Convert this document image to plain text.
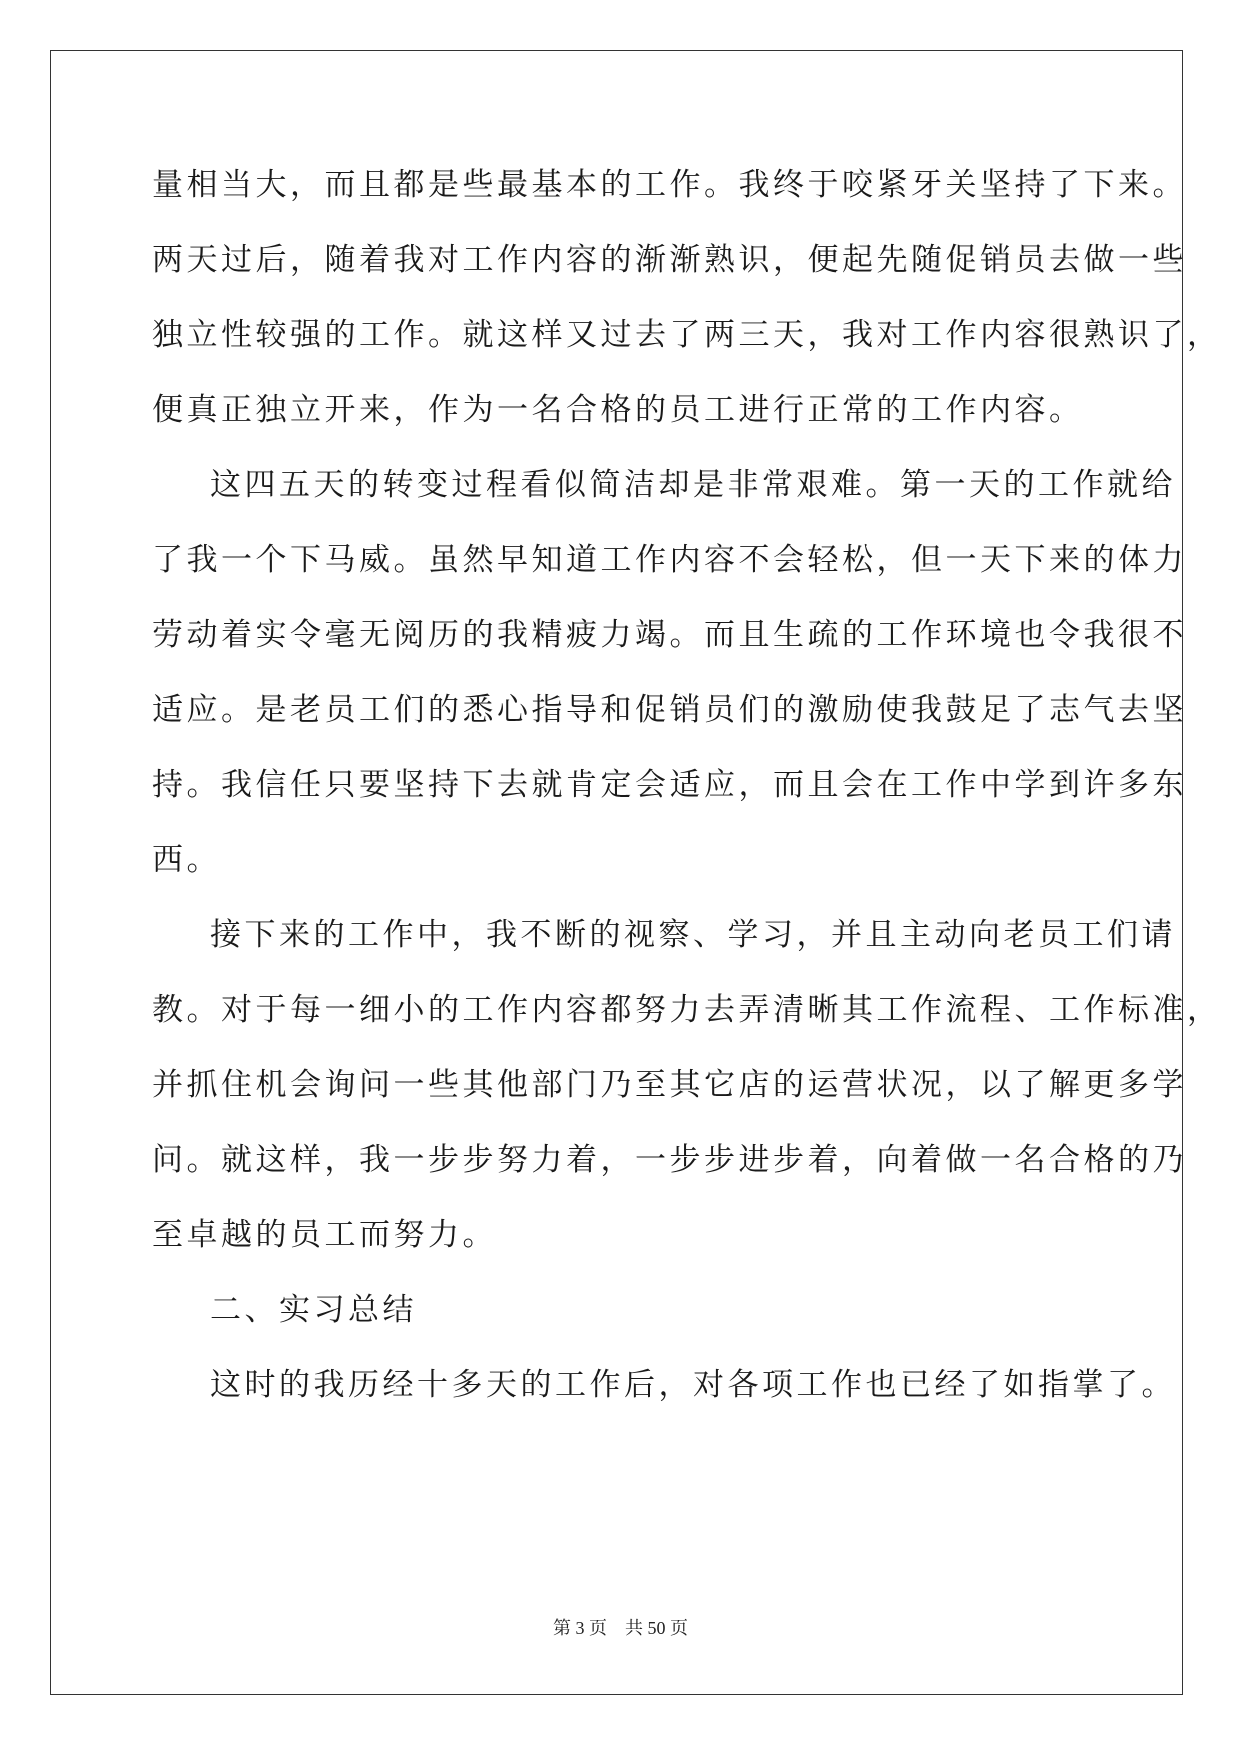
量相当大，而且都是些最基本的工作。我终于咬紧牙关坚持了下来。
两天过后，随着我对工作内容的渐渐熟识，便起先随促销员去做一些
独立性较强的工作。就这样又过去了两三天，我对工作内容很熟识了，
便真正独立开来，作为一名合格的员工进行正常的工作内容。
这四五天的转变过程看似简洁却是非常艰难。第一天的工作就给
了我一个下马威。虽然早知道工作内容不会轻松，但一天下来的体力
劳动着实令毫无阅历的我精疲力竭。而且生疏的工作环境也令我很不
适应。是老员工们的悉心指导和促销员们的激励使我鼓足了志气去坚
持。我信任只要坚持下去就肯定会适应，而且会在工作中学到许多东
西。
接下来的工作中，我不断的视察、学习，并且主动向老员工们请
教。对于每一细小的工作内容都努力去弄清晰其工作流程、工作标准，
并抓住机会询问一些其他部门乃至其它店的运营状况，以了解更多学
问。就这样，我一步步努力着，一步步进步着，向着做一名合格的乃
至卓越的员工而努力。
二、实习总结
这时的我历经十多天的工作后，对各项工作也已经了如指掌了。
第 3 页    共 50 页
